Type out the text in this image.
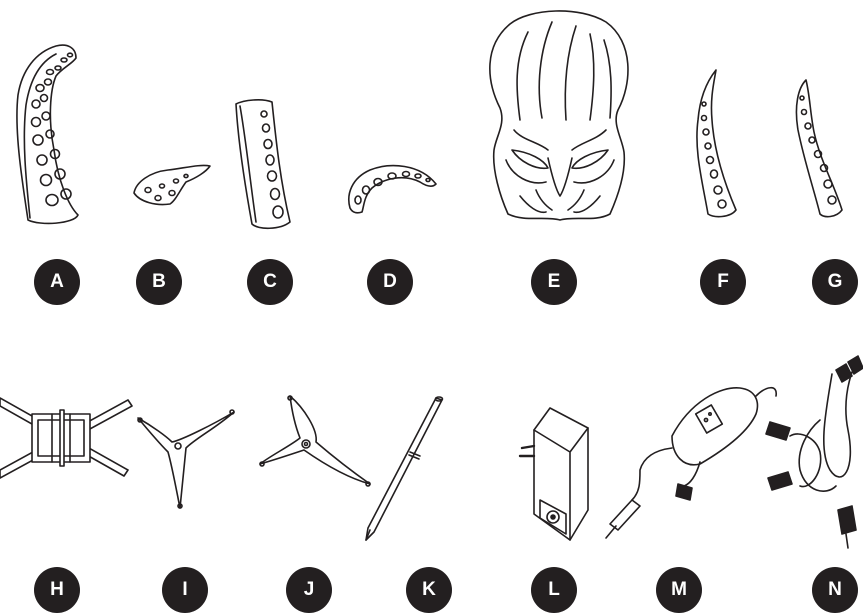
A	B	C	D	E	F	G
H	I	J	K	L	M	N
